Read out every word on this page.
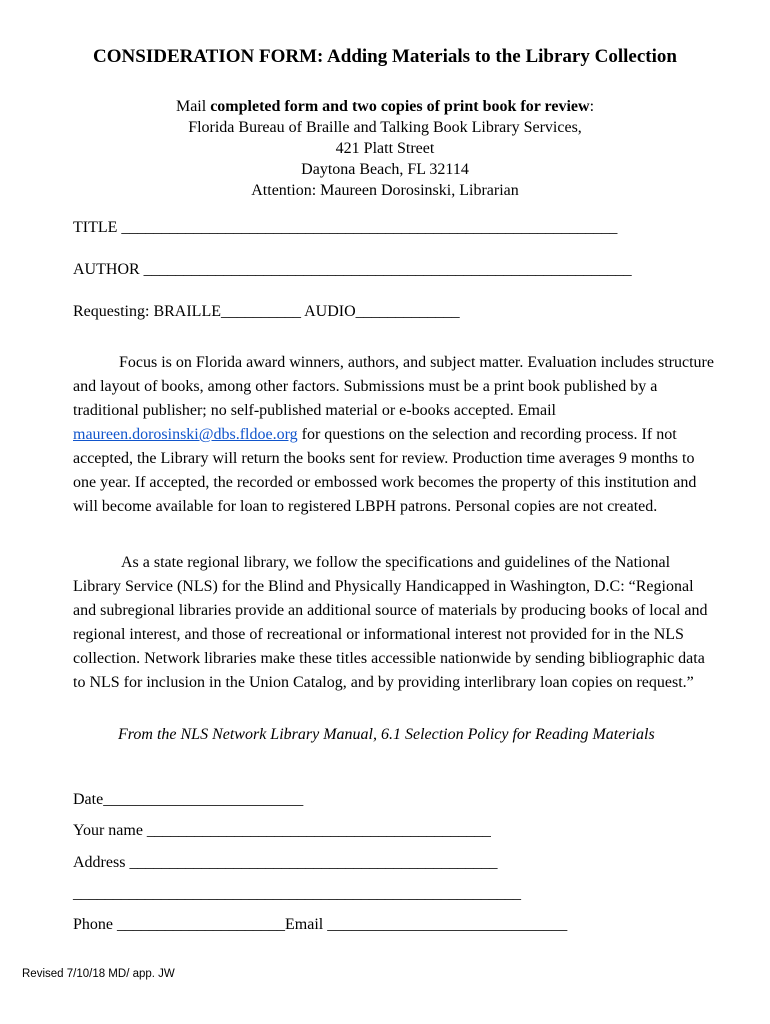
CONSIDERATION FORM: Adding Materials to the Library Collection
Mail completed form and two copies of print book for review:
Florida Bureau of Braille and Talking Book Library Services,
421 Platt Street
Daytona Beach, FL 32114
Attention: Maureen Dorosinski, Librarian
TITLE ______________________________________________________________
AUTHOR _____________________________________________________________
Requesting: BRAILLE__________ AUDIO_____________
Focus is on Florida award winners, authors, and subject matter. Evaluation includes structure and layout of books, among other factors. Submissions must be a print book published by a traditional publisher; no self-published material or e-books accepted. Email maureen.dorosinski@dbs.fldoe.org for questions on the selection and recording process. If not accepted, the Library will return the books sent for review. Production time averages 9 months to one year. If accepted, the recorded or embossed work becomes the property of this institution and will become available for loan to registered LBPH patrons. Personal copies are not created.
As a state regional library, we follow the specifications and guidelines of the National Library Service (NLS) for the Blind and Physically Handicapped in Washington, D.C: “Regional and subregional libraries provide an additional source of materials by producing books of local and regional interest, and those of recreational or informational interest not provided for in the NLS collection. Network libraries make these titles accessible nationwide by sending bibliographic data to NLS for inclusion in the Union Catalog, and by providing interlibrary loan copies on request.”
From the NLS Network Library Manual, 6.1 Selection Policy for Reading Materials
Date_________________________
Your name ___________________________________________
Address ______________________________________________
________________________________________________________
Phone _____________________Email ______________________________
Revised 7/10/18 MD/ app. JW
